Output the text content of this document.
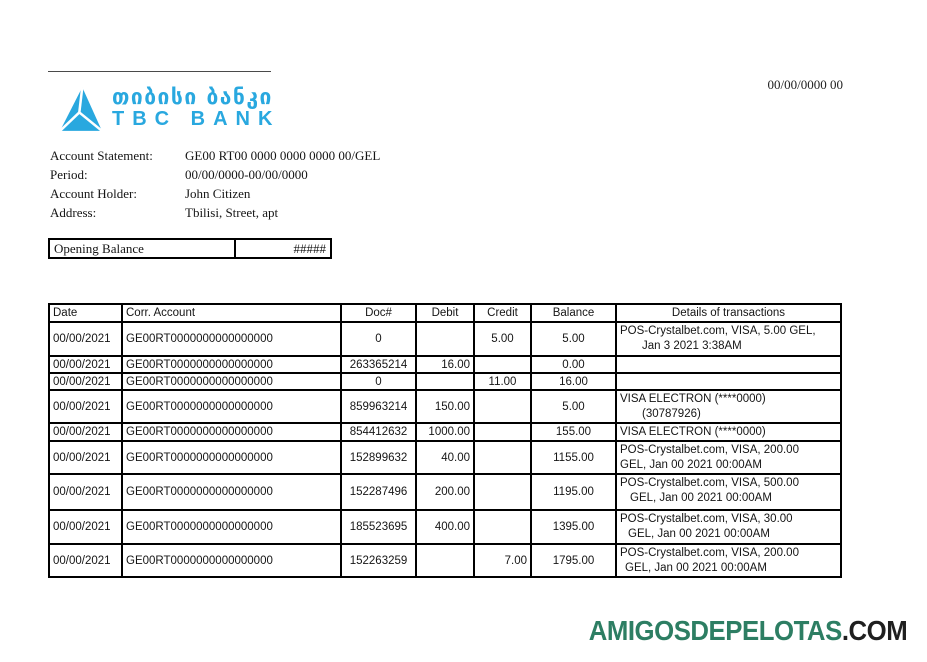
თიბისი ბანკი
TBC BANK
00/00/0000 00
Account Statement:	GE00 RT00 0000 0000 0000 00/GEL
Period:	00/00/0000-00/00/0000
Account Holder:	John Citizen
Address:	Tbilisi, Street, apt
Opening Balance	#####
Date	Corr. Account	Doc#	Debit	Credit	Balance	Details of transactions
00/00/2021	GE00RT0000000000000000	0		5.00	5.00	POS-Crystalbet.com, VISA, 5.00 GEL,
Jan 3 2021 3:38AM

00/00/2021	GE00RT0000000000000000	263365214	16.00		0.00	
00/00/2021	GE00RT0000000000000000	0		11.00	16.00	
00/00/2021	GE00RT0000000000000000	859963214	150.00		5.00	VISA ELECTRON (****0000)
(30787926)

00/00/2021	GE00RT0000000000000000	854412632	1000.00		155.00	VISA ELECTRON (****0000)

00/00/2021	GE00RT0000000000000000	152899632	40.00		1155.00	POS-Crystalbet.com, VISA, 200.00
GEL, Jan 00 2021 00:00AM

00/00/2021	GE00RT0000000000000000	152287496	200.00		1195.00	POS-Crystalbet.com, VISA, 500.00
GEL, Jan 00 2021 00:00AM

00/00/2021	GE00RT0000000000000000	185523695	400.00		1395.00	POS-Crystalbet.com, VISA, 30.00
GEL, Jan 00 2021 00:00AM

00/00/2021	GE00RT0000000000000000	152263259		7.00	1795.00	POS-Crystalbet.com, VISA, 200.00
GEL, Jan 00 2021 00:00AM
AMIGOSDEPELOTAS.COM
